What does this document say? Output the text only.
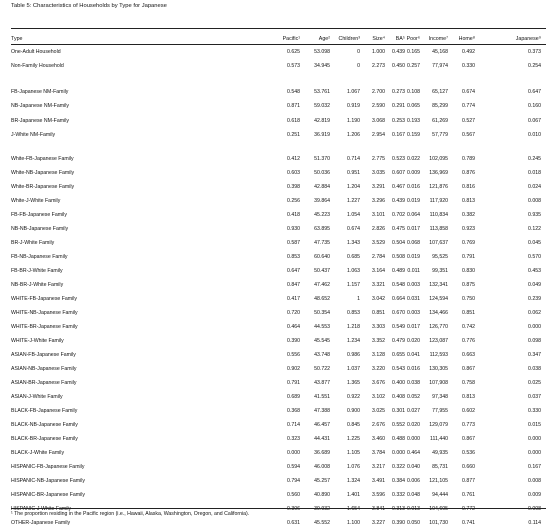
Table 5: Characteristics of Households by Type for Japanese
Type	Pacific¹	Age² Children³ Size⁴ BA⁵ Poor⁶ Income⁷ Home⁸	Japanese⁹
One-Adult Household	0.625	53.098	0	1.000	0.439 0.165	45,168	0.492	0.373
Non-Family Household	0.573	34.945	0	2.273	0.450 0.257	77,974	0.330	0.254
FB-Japanese NM-Family	0.548	53.761	1.067	2.700	0.273 0.108	65,127	0.674	0.647
NB-Japanese NM-Family	0.871	59.032	0.919	2.590	0.291 0.065	85,299	0.774	0.160
BR-Japanese NM-Family	0.618	42.819	1.190	3.068	0.253 0.193	61,269	0.527	0.067
J-White NM-Family	0.251	36.919	1.206	2.954	0.167 0.159	57,779	0.567	0.010
White-FB-Japanese Family	0.412	51.370	0.714	2.775	0.523 0.022	102,095	0.789	0.245
White-NB-Japanese Family	0.603	50.036	0.951	3.035	0.607 0.009	136,969	0.876	0.018
White-BR-Japanese Family	0.398	42.884	1.204	3.291	0.467 0.016	121,876	0.816	0.024
White-J-White Family	0.256	39.864	1.227	3.296	0.439 0.019	117,920	0.813	0.008
FB-FB-Japanese Family	0.418	45.223	1.054	3.101	0.702 0.064	110,834	0.382	0.935
NB-NB-Japanese Family	0.930	63.895	0.674	2.826	0.475 0.017	113,858	0.923	0.122
BR-J-White Family	0.587	47.735	1.343	3.529	0.504 0.068	107,637	0.769	0.045
FB-NB-Japanese Family	0.853	60.640	0.685	2.784	0.508 0.019	95,525	0.791	0.570
FB-BR-J-White Family	0.647	50.437	1.063	3.164	0.489 0.011	99,351	0.830	0.453
NB-BR-J-White Family	0.847	47.462	1.157	3.321	0.548 0.003	132,341	0.875	0.049
WHITE-FB-Japanese Family	0.417	48.652	1	3.042	0.664 0.031	124,594	0.750	0.239
WHITE-NB-Japanese Family	0.720	50.354	0.853	0.851	0.670 0.003	134,466	0.851	0.062
WHITE-BR-Japanese Family	0.464	44.553	1.218	3.303	0.549 0.017	126,770	0.742	0.000
WHITE-J-White Family	0.390	45.545	1.234	3.352	0.479 0.020	123,087	0.776	0.098
ASIAN-FB-Japanese Family	0.556	43.748	0.986	3.128	0.655 0.041	112,593	0.663	0.347
ASIAN-NB-Japanese Family	0.902	50.722	1.037	3.220	0.543 0.016	130,305	0.867	0.038
ASIAN-BR-Japanese Family	0.791	43.877	1.365	3.676	0.400 0.038	107,908	0.758	0.025
ASIAN-J-White Family	0.689	41.551	0.922	3.102	0.408 0.052	97,348	0.813	0.037
BLACK-FB-Japanese Family	0.368	47.388	0.900	3.025	0.301 0.027	77,955	0.602	0.330
BLACK-NB-Japanese Family	0.714	46.457	0.845	2.676	0.552 0.020	129,079	0.773	0.015
BLACK-BR-Japanese Family	0.323	44.431	1.225	3.460	0.488 0.000	111,440	0.867	0.000
BLACK-J-White Family	0.000	36.689	1.105	3.784	0.000 0.464	49,935	0.536	0.000
HISPANIC-FB-Japanese Family	0.594	46.008	1.076	3.217	0.322 0.040	85,731	0.660	0.167
HISPANIC-NB-Japanese Family	0.794	45.257	1.324	3.491	0.384 0.006	121,105	0.877	0.008
HISPANIC-BR-Japanese Family	0.560	40.890	1.401	3.596	0.332 0.048	94,444	0.761	0.009
HISPANIC-J-White Family	0.306	39.932	1.654	3.841	0.313 0.013	104,605	0.772	0.008
OTHER-Japanese Family	0.631	45.552	1.100	3.227	0.390 0.050	101,730	0.741	0.114
¹ The proportion residing in the Pacific region (i.e., Hawaii, Alaska, Washington, Oregon, and California).
